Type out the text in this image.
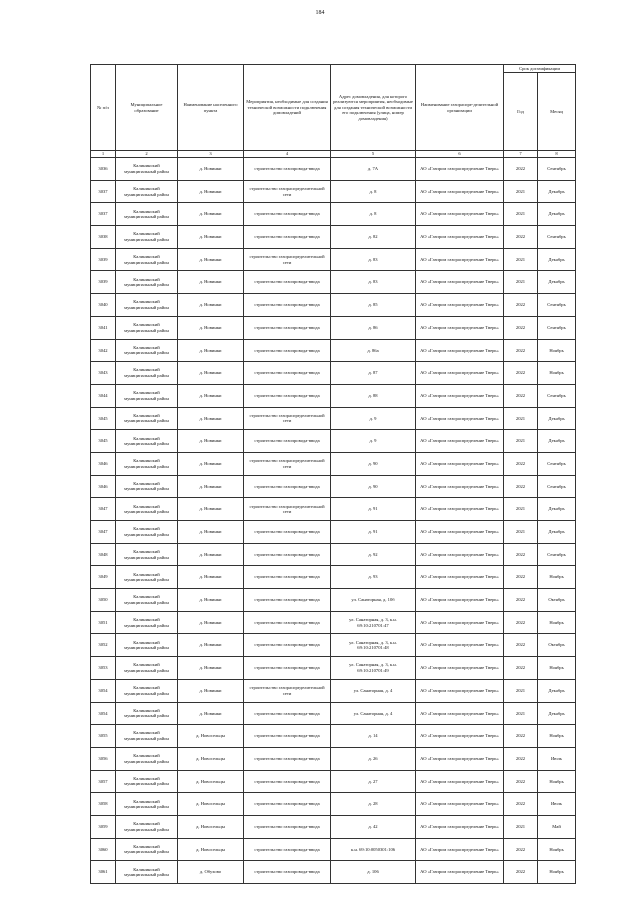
184
№ п/п	Муниципальное образование	Наименование населенного пункта	Мероприятия, необходимые для создания технической возможности подключения домовладений	Адрес домовладения, для которого реализуются мероприятия, необходимые для создания технической возможности его подключения (улица, номер домовладения)	Наименование газораспре-делительной организации	Срок догазификации	
						Год	Месяц
1	2	3	4	5	6	7	8
3036	Калининский муниципальный район	д. Новинки	строительство газопровода-ввода	д. 7А	АО «Газпром газораспределение Тверь»	2022	Сентябрь
3037	Калининский муниципальный район	д. Новинки	строительство газораспределительной сети	д. 8	АО «Газпром газораспределение Тверь»	2021	Декабрь
3037	Калининский муниципальный район	д. Новинки	строительство газопровода-ввода	д. 8	АО «Газпром газораспределение Тверь»	2021	Декабрь
3038	Калининский муниципальный район	д. Новинки	строительство газопровода-ввода	д. 82	АО «Газпром газораспределение Тверь»	2022	Сентябрь
3039	Калининский муниципальный район	д. Новинки	строительство газораспределительной сети	д. 83	АО «Газпром газораспределение Тверь»	2021	Декабрь
3039	Калининский муниципальный район	д. Новинки	строительство газопровода-ввода	д. 83	АО «Газпром газораспределение Тверь»	2021	Декабрь
3040	Калининский муниципальный район	д. Новинки	строительство газопровода-ввода	д. 85	АО «Газпром газораспределение Тверь»	2022	Сентябрь
3041	Калининский муниципальный район	д. Новинки	строительство газопровода-ввода	д. 86	АО «Газпром газораспределение Тверь»	2022	Сентябрь
3042	Калининский муниципальный район	д. Новинки	строительство газопровода-ввода	д. 86а	АО «Газпром газораспределение Тверь»	2022	Ноябрь
3043	Калининский муниципальный район	д. Новинки	строительство газопровода-ввода	д. 87	АО «Газпром газораспределение Тверь»	2022	Ноябрь
3044	Калининский муниципальный район	д. Новинки	строительство газопровода-ввода	д. 88	АО «Газпром газораспределение Тверь»	2022	Сентябрь
3045	Калининский муниципальный район	д. Новинки	строительство газораспределительной сети	д. 9	АО «Газпром газораспределение Тверь»	2021	Декабрь
3045	Калининский муниципальный район	д. Новинки	строительство газопровода-ввода	д. 9	АО «Газпром газораспределение Тверь»	2021	Декабрь
3046	Калининский муниципальный район	д. Новинки	строительство газораспределительной сети	д. 90	АО «Газпром газораспределение Тверь»	2022	Сентябрь
3046	Калининский муниципальный район	д. Новинки	строительство газопровода-ввода	д. 90	АО «Газпром газораспределение Тверь»	2022	Сентябрь
3047	Калининский муниципальный район	д. Новинки	строительство газораспределительной сети	д. 91	АО «Газпром газораспределение Тверь»	2021	Декабрь
3047	Калининский муниципальный район	д. Новинки	строительство газопровода-ввода	д. 91	АО «Газпром газораспределение Тверь»	2021	Декабрь
3048	Калининский муниципальный район	д. Новинки	строительство газопровода-ввода	д. 92	АО «Газпром газораспределение Тверь»	2022	Сентябрь
3049	Калининский муниципальный район	д. Новинки	строительство газопровода-ввода	д. 93	АО «Газпром газораспределение Тверь»	2022	Ноябрь
3050	Калининский муниципальный район	д. Новинки	строительство газопровода-ввода	ул. Санаторная, д. 10б	АО «Газпром газораспределение Тверь»	2022	Октябрь
3051	Калининский муниципальный район	д. Новинки	строительство газопровода-ввода	ул. Санаторная, д. 3, к.н. 69:10:210701:47	АО «Газпром газораспределение Тверь»	2022	Ноябрь
3052	Калининский муниципальный район	д. Новинки	строительство газопровода-ввода	ул. Санаторная, д. 3, к.н. 69:10:210701:48	АО «Газпром газораспределение Тверь»	2022	Октябрь
3053	Калининский муниципальный район	д. Новинки	строительство газопровода-ввода	ул. Санаторная, д. 3, к.н. 69:10:210701:49	АО «Газпром газораспределение Тверь»	2022	Ноябрь
3054	Калининский муниципальный район	д. Новинки	строительство газораспределительной сети	ул. Санаторная, д. 4	АО «Газпром газораспределение Тверь»	2021	Декабрь
3054	Калининский муниципальный район	д. Новинки	строительство газопровода-ввода	ул. Санаторная, д. 4	АО «Газпром газораспределение Тверь»	2021	Декабрь
3055	Калининский муниципальный район	д. Новосельцы	строительство газопровода-ввода	д. 14	АО «Газпром газораспределение Тверь»	2022	Ноябрь
3056	Калининский муниципальный район	д. Новосельцы	строительство газопровода-ввода	д. 26	АО «Газпром газораспределение Тверь»	2022	Июль
3057	Калининский муниципальный район	д. Новосельцы	строительство газопровода-ввода	д. 27	АО «Газпром газораспределение Тверь»	2022	Ноябрь
3058	Калининский муниципальный район	д. Новосельцы	строительство газопровода-ввода	д. 28	АО «Газпром газораспределение Тверь»	2022	Июль
3059	Калининский муниципальный район	д. Новосельцы	строительство газопровода-ввода	д. 42	АО «Газпром газораспределение Тверь»	2021	Май
3060	Калининский муниципальный район	д. Новосельцы	строительство газопровода-ввода	к.н. 69:10:0050301:106	АО «Газпром газораспределение Тверь»	2022	Ноябрь
3061	Калининский муниципальный район	д. Обухово	строительство газопровода-ввода	д. 106	АО «Газпром газораспределение Тверь»	2022	Ноябрь
